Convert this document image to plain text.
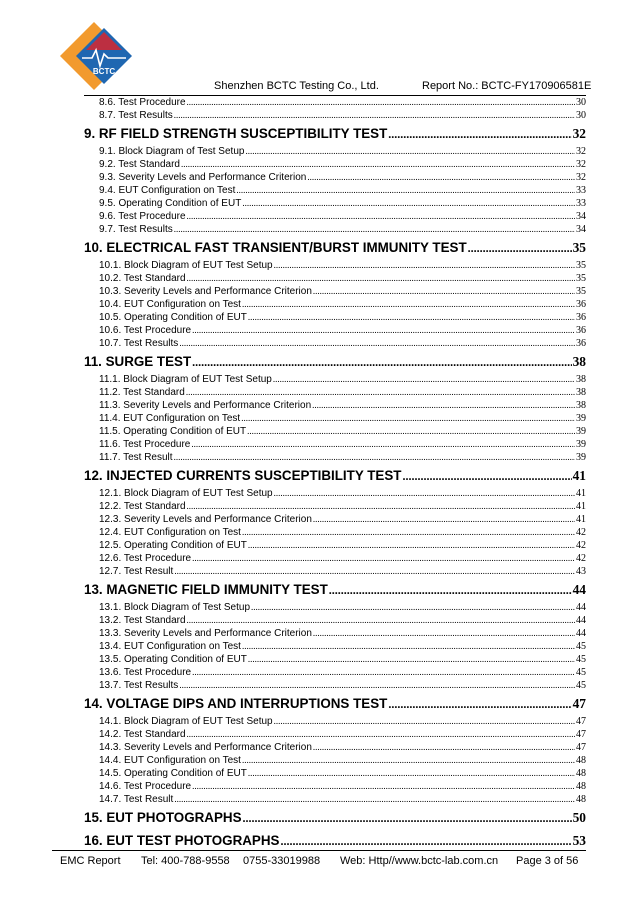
BCTC
Shenzhen BCTC Testing Co., Ltd.	Report No.: BCTC-FY170906581E
8.6. Test Procedure .....	30
8.7. Test Results .....	30
9. RF FIELD STRENGTH SUSCEPTIBILITY TEST .....	32
9.1. Block Diagram of Test Setup .....	32
9.2. Test Standard .....	32
9.3. Severity Levels and Performance Criterion .....	32
9.4. EUT Configuration on Test .....	33
9.5. Operating Condition of EUT .....	33
9.6. Test Procedure .....	34
9.7. Test Results .....	34
10. ELECTRICAL FAST TRANSIENT/BURST IMMUNITY TEST .....	35
10.1. Block Diagram of EUT Test Setup .....	35
10.2. Test Standard .....	35
10.3. Severity Levels and Performance Criterion .....	35
10.4. EUT Configuration on Test .....	36
10.5. Operating Condition of EUT .....	36
10.6. Test Procedure .....	36
10.7. Test Results .....	36
11. SURGE TEST .....	38
11.1. Block Diagram of EUT Test Setup .....	38
11.2. Test Standard .....	38
11.3. Severity Levels and Performance Criterion .....	38
11.4. EUT Configuration on Test .....	39
11.5. Operating Condition of EUT .....	39
11.6. Test Procedure .....	39
11.7. Test Result .....	39
12. INJECTED CURRENTS SUSCEPTIBILITY TEST .....	41
12.1. Block Diagram of EUT Test Setup .....	41
12.2. Test Standard .....	41
12.3. Severity Levels and Performance Criterion .....	41
12.4. EUT Configuration on Test .....	42
12.5. Operating Condition of EUT .....	42
12.6. Test Procedure .....	42
12.7. Test Result .....	43
13. MAGNETIC FIELD IMMUNITY TEST .....	44
13.1. Block Diagram of Test Setup .....	44
13.2. Test Standard .....	44
13.3. Severity Levels and Performance Criterion .....	44
13.4. EUT Configuration on Test .....	45
13.5. Operating Condition of EUT .....	45
13.6. Test Procedure .....	45
13.7. Test Results .....	45
14. VOLTAGE DIPS AND INTERRUPTIONS TEST .....	47
14.1. Block Diagram of EUT Test Setup .....	47
14.2. Test Standard .....	47
14.3. Severity Levels and Performance Criterion .....	47
14.4. EUT Configuration on Test .....	48
14.5. Operating Condition of EUT .....	48
14.6. Test Procedure .....	48
14.7. Test Result .....	48
15. EUT PHOTOGRAPHS .....	50
16. EUT TEST PHOTOGRAPHS .....	53
EMC Report Tel: 400-788-9558 0755-33019988 Web: Http//www.bctc-lab.com.cn Page 3 of 56
